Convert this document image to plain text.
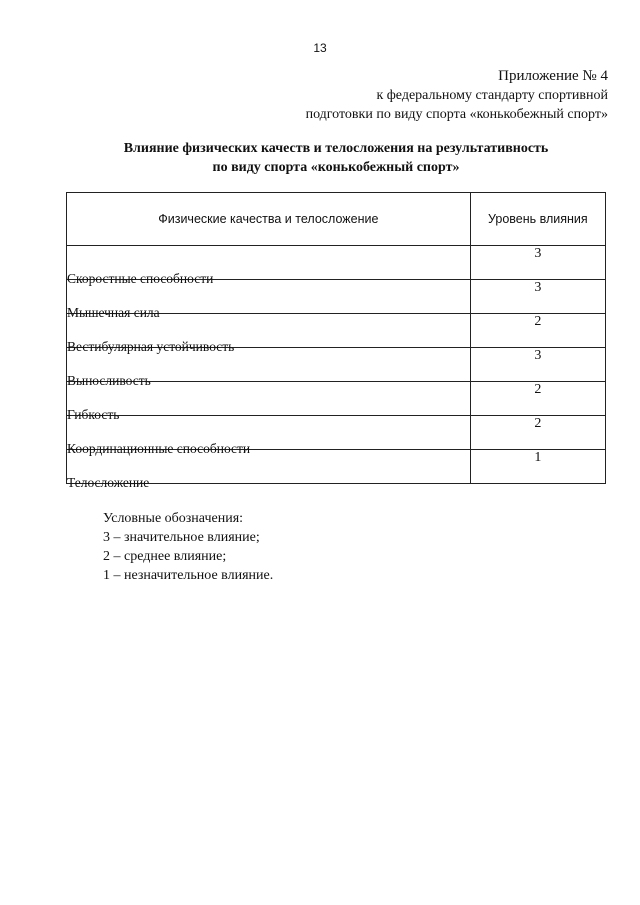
13
Приложение № 4
к федеральному стандарту спортивной
подготовки по виду спорта «конькобежный спорт»
Влияние физических качеств и телосложения на результативность
по виду спорта «конькобежный спорт»
Физические качества и телосложение	Уровень влияния

Скоростные способности	3

Мышечная сила	3

Вестибулярная устойчивость	2

Выносливость	3

Гибкость	2

Координационные способности	2

Телосложение	1
Условные обозначения:
3 – значительное влияние;
2 – среднее влияние;
1 – незначительное влияние.
